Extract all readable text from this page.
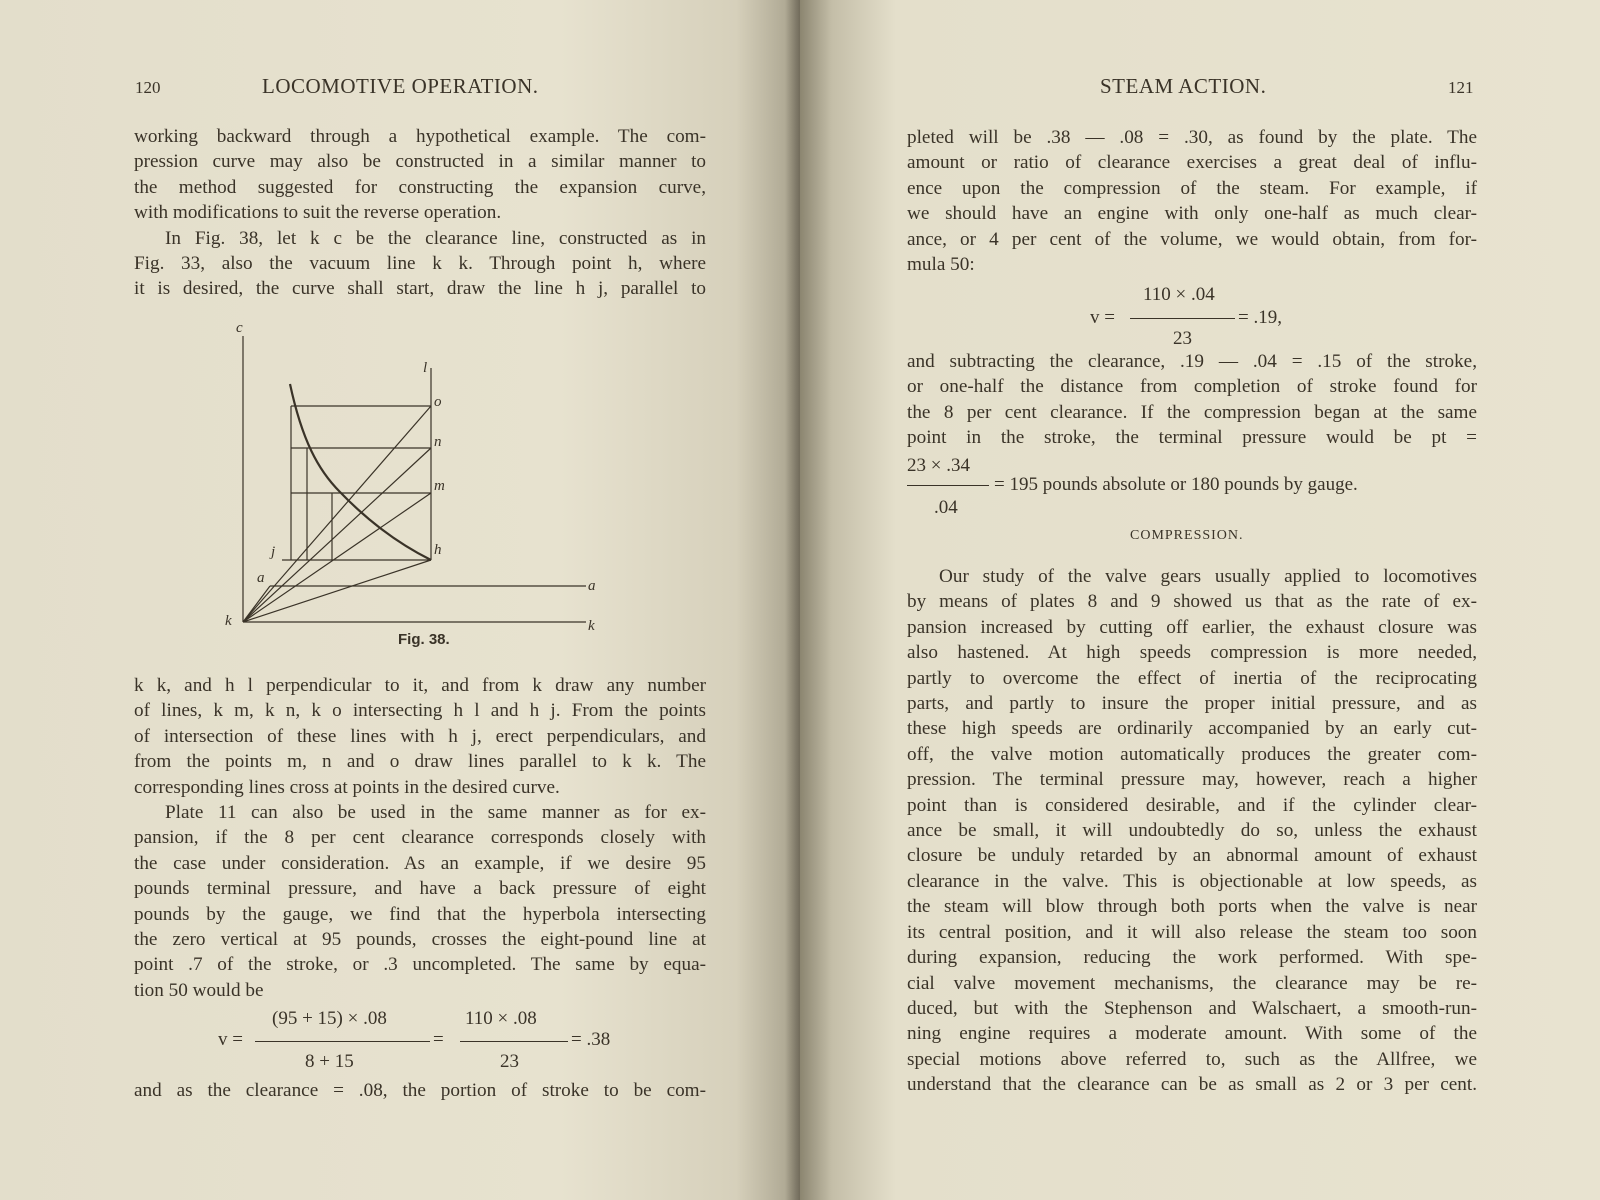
120	LOCOMOTIVE OPERATION.

working backward through a hypothetical example. The com-

pression curve may also be constructed in a similar manner to

the method suggested for constructing the expansion curve,

with modifications to suit the reverse operation.

In Fig. 38, let k c be the clearance line, constructed as in

Fig. 33, also the vacuum line k k. Through point h, where

it is desired, the curve shall start, draw the line h j, parallel to

c
l
o
n
m
h
j
a	a
k	k
Fig. 38.

k k, and h l perpendicular to it, and from k draw any number

of lines, k m, k n, k o intersecting h l and h j. From the points

of intersection of these lines with h j, erect perpendiculars, and

from the points m, n and o draw lines parallel to k k. The

corresponding lines cross at points in the desired curve.

Plate 11 can also be used in the same manner as for ex-

pansion, if the 8 per cent clearance corresponds closely with

the case under consideration. As an example, if we desire 95

pounds terminal pressure, and have a back pressure of eight

pounds by the gauge, we find that the hyperbola intersecting

the zero vertical at 95 pounds, crosses the eight-pound line at

point .7 of the stroke, or .3 uncompleted. The same by equa-

tion 50 would be

v =
(95 + 15) × .08
8 + 15
=
110 × .08
23
= .38

and as the clearance = .08, the portion of stroke to be com-

STEAM ACTION.	121

pleted will be .38 — .08 = .30, as found by the plate. The

amount or ratio of clearance exercises a great deal of influ-

ence upon the compression of the steam. For example, if

we should have an engine with only one-half as much clear-

ance, or 4 per cent of the volume, we would obtain, from for-

mula 50:

v =
110 × .04
23
= .19,

and subtracting the clearance, .19 — .04 = .15 of the stroke,

or one-half the distance from completion of stroke found for

the 8 per cent clearance. If the compression began at the same

point in the stroke, the terminal pressure would be pt =

23 × .34
.04
= 195 pounds absolute or 180 pounds by gauge.
COMPRESSION.

Our study of the valve gears usually applied to locomotives

by means of plates 8 and 9 showed us that as the rate of ex-

pansion increased by cutting off earlier, the exhaust closure was

also hastened. At high speeds compression is more needed,

partly to overcome the effect of inertia of the reciprocating

parts, and partly to insure the proper initial pressure, and as

these high speeds are ordinarily accompanied by an early cut-

off, the valve motion automatically produces the greater com-

pression. The terminal pressure may, however, reach a higher

point than is considered desirable, and if the cylinder clear-

ance be small, it will undoubtedly do so, unless the exhaust

closure be unduly retarded by an abnormal amount of exhaust

clearance in the valve. This is objectionable at low speeds, as

the steam will blow through both ports when the valve is near

its central position, and it will also release the steam too soon

during expansion, reducing the work performed. With spe-

cial valve movement mechanisms, the clearance may be re-

duced, but with the Stephenson and Walschaert, a smooth-run-

ning engine requires a moderate amount. With some of the

special motions above referred to, such as the Allfree, we

understand that the clearance can be as small as 2 or 3 per cent.
